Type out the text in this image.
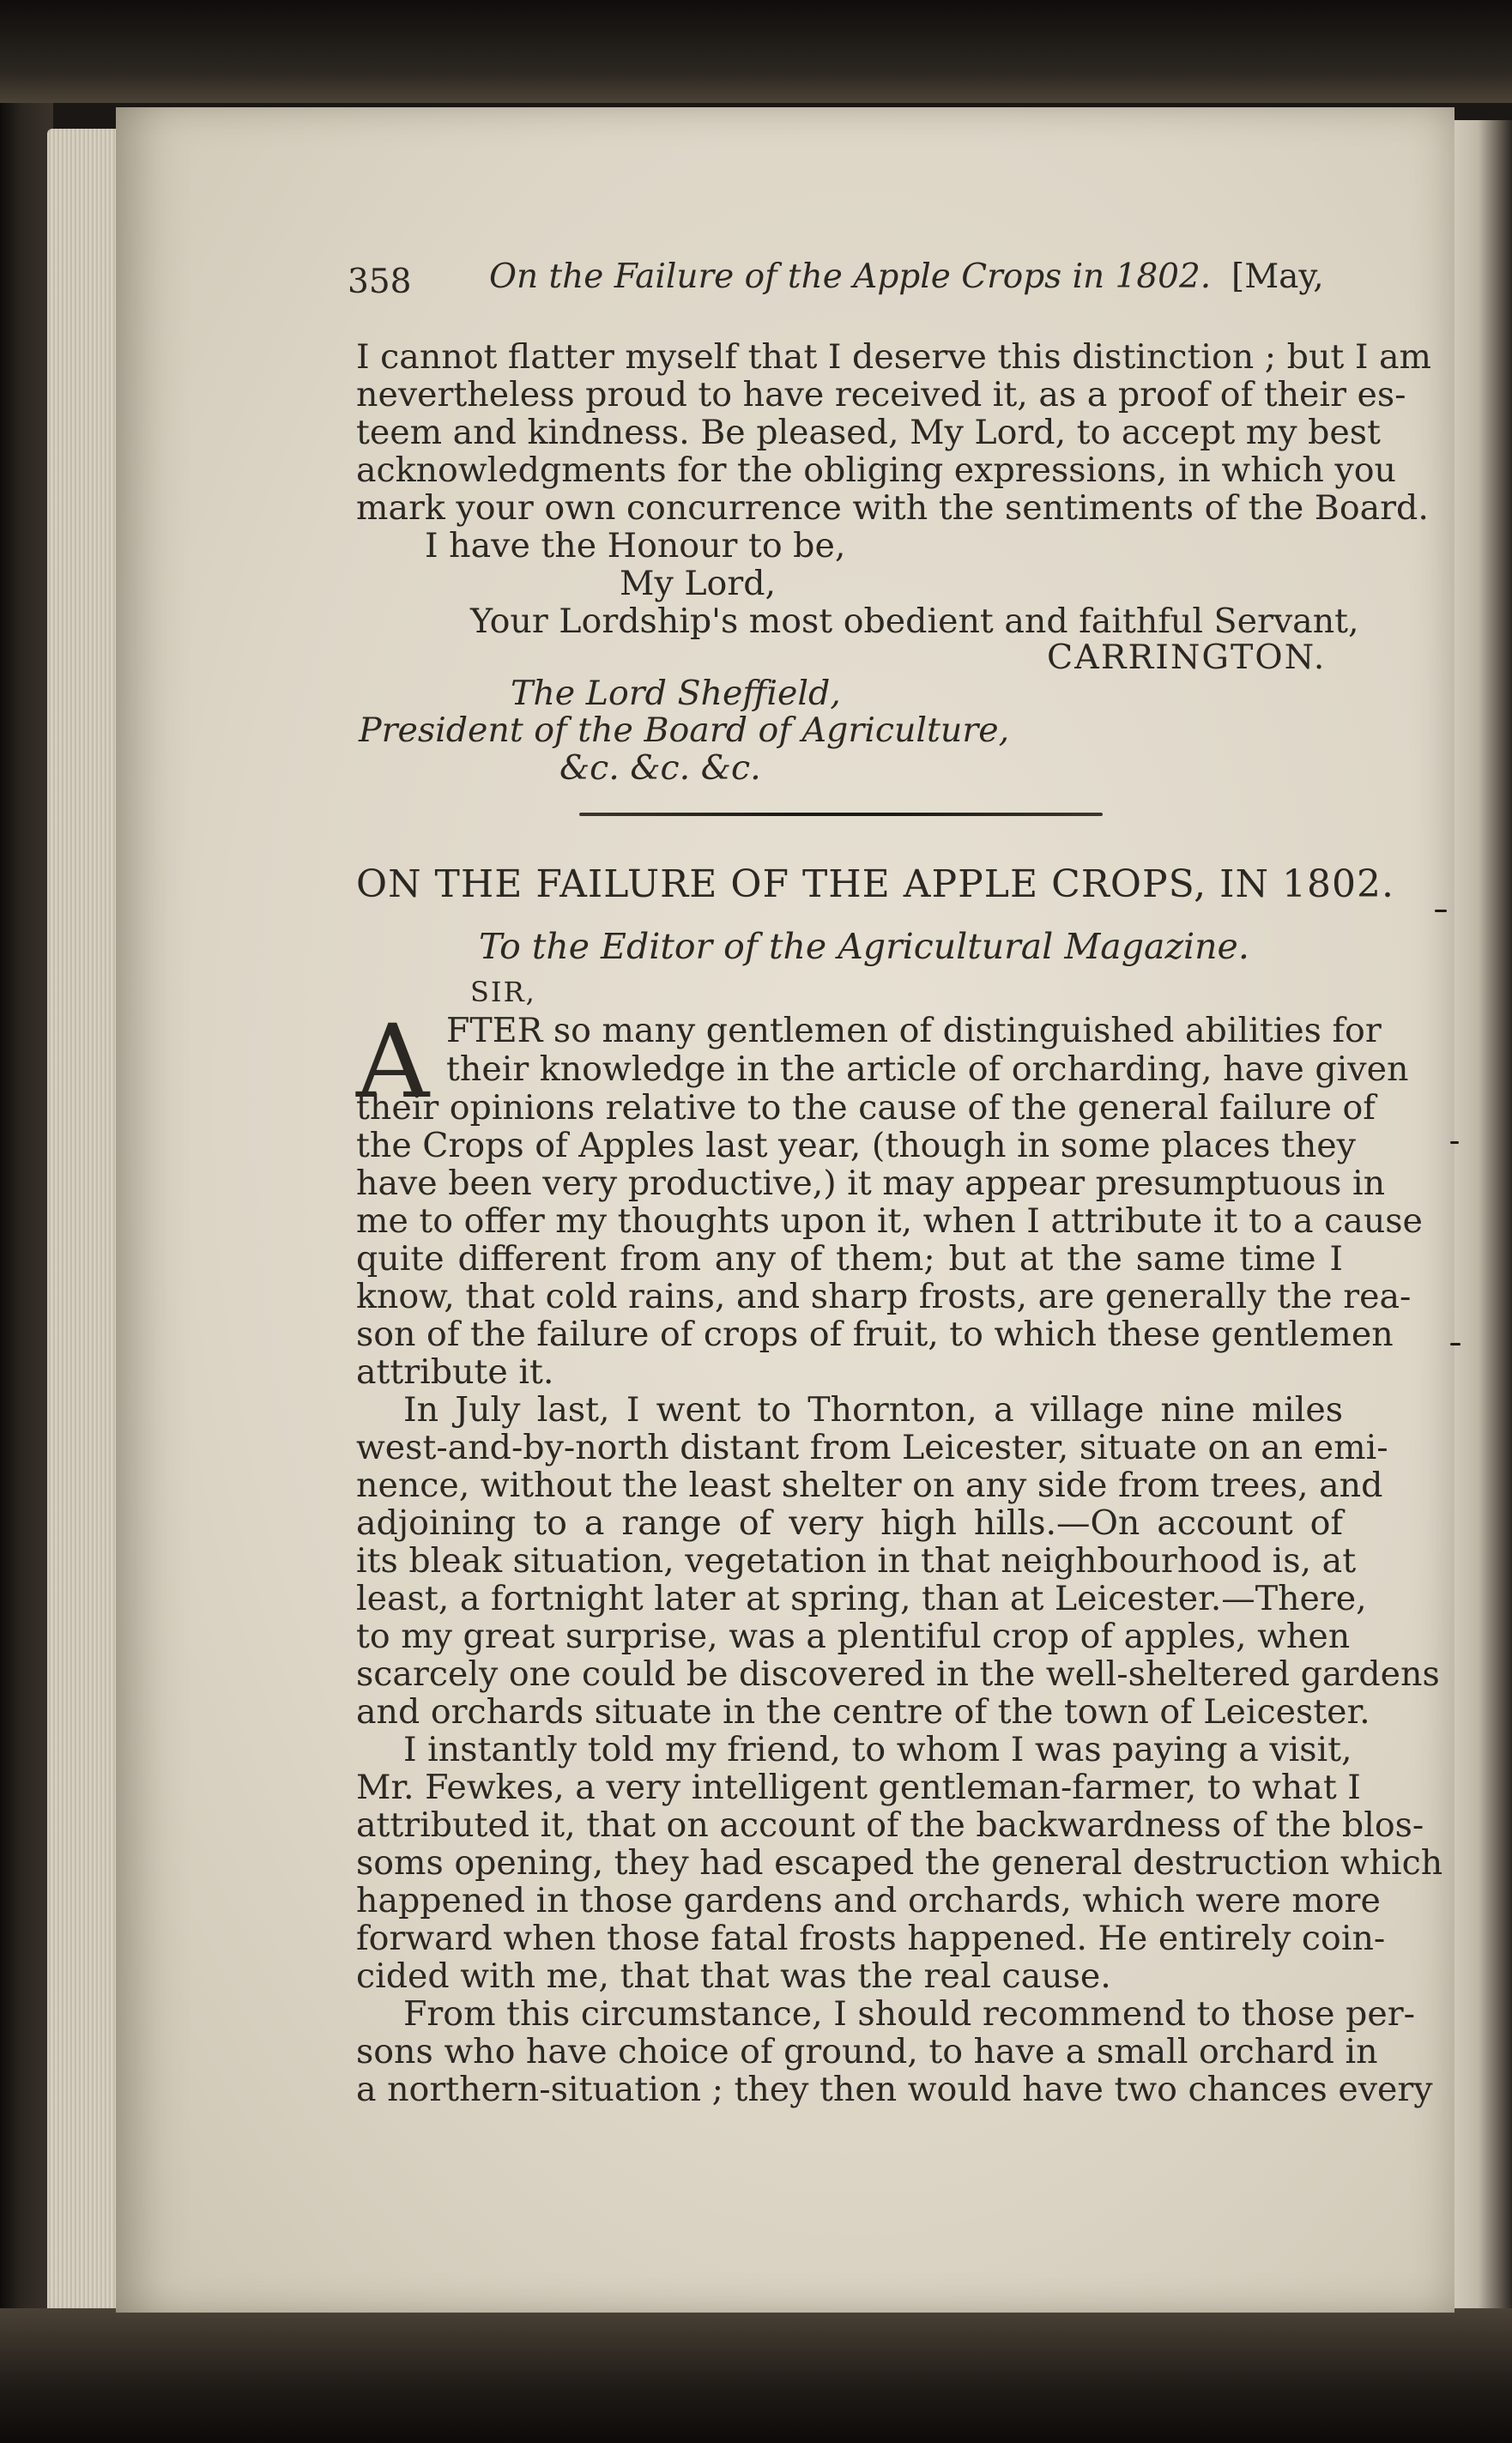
358 On the Failure of the Apple Crops in 1802. [May,
I cannot flatter myself that I deserve this distinction ; but I am
nevertheless proud to have received it, as a proof of their es-
teem and kindness. Be pleased, My Lord, to accept my best
acknowledgments for the obliging expressions, in which you
mark your own concurrence with the sentiments of the Board.
I have the Honour to be,
My Lord,
Your Lordship's most obedient and faithful Servant,
CARRINGTON.
The Lord Sheffield,
President of the Board of Agriculture,
&c. &c. &c.
ON THE FAILURE OF THE APPLE CROPS, IN 1802.
To the Editor of the Agricultural Magazine.
SIR,
A FTER so many gentlemen of distinguished abilities for
their knowledge in the article of orcharding, have given
their opinions relative to the cause of the general failure of
the Crops of Apples last year, (though in some places they
have been very productive,) it may appear presumptuous in
me to offer my thoughts upon it, when I attribute it to a cause
quite different from any of them; but at the same time I
know, that cold rains, and sharp frosts, are generally the rea-
son of the failure of crops of fruit, to which these gentlemen
attribute it.
In July last, I went to Thornton, a village nine miles
west-and-by-north distant from Leicester, situate on an emi-
nence, without the least shelter on any side from trees, and
adjoining to a range of very high hills.—On account of
its bleak situation, vegetation in that neighbourhood is, at
least, a fortnight later at spring, than at Leicester.—There,
to my great surprise, was a plentiful crop of apples, when
scarcely one could be discovered in the well-sheltered gardens
and orchards situate in the centre of the town of Leicester.
I instantly told my friend, to whom I was paying a visit,
Mr. Fewkes, a very intelligent gentleman-farmer, to what I
attributed it, that on account of the backwardness of the blos-
soms opening, they had escaped the general destruction which
happened in those gardens and orchards, which were more
forward when those fatal frosts happened. He entirely coin-
cided with me, that that was the real cause.
From this circumstance, I should recommend to those per-
sons who have choice of ground, to have a small orchard in
a northern-situation ; they then would have two chances every
